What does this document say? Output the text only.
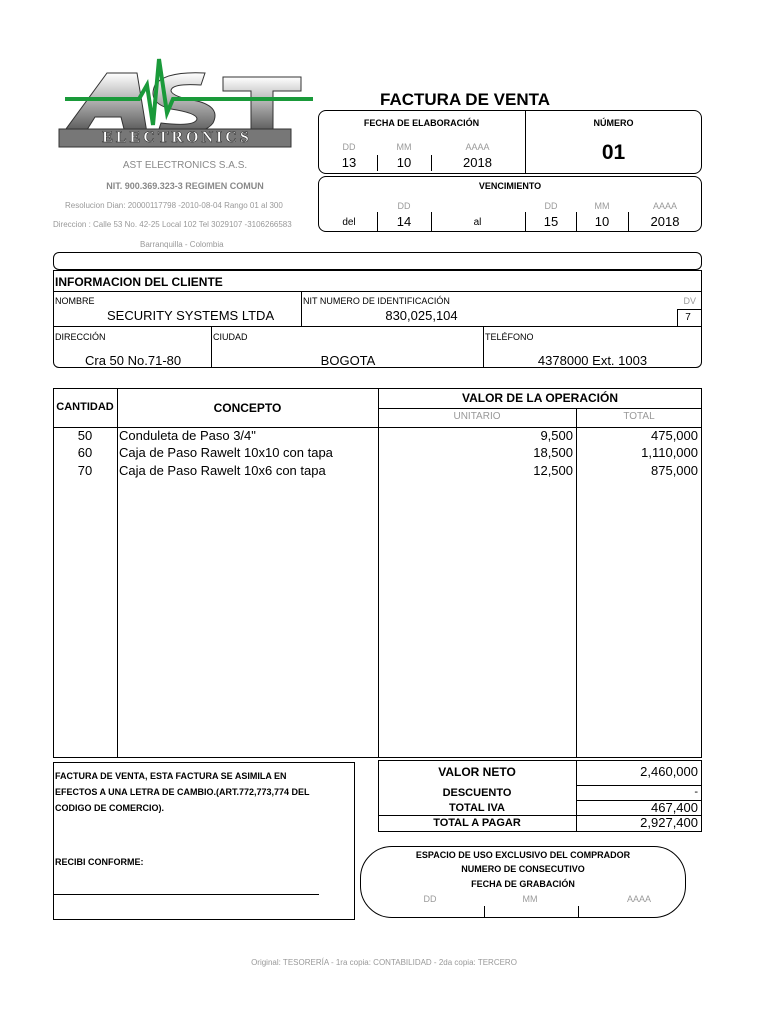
ELECTRONICS
AST ELECTRONICS S.A.S.
NIT. 900.369.323-3 REGIMEN COMUN
Resolucion Dian: 20000117798 -2010-08-04 Rango 01 al 300
Direccion : Calle 53 No. 42-25 Local 102 Tel 3029107 -3106266583
Barranquilla - Colombia
FACTURA DE VENTA
FECHA DE ELABORACIÓN	NÚMERO
DD	MM	AAAA
13	10	2018	01
VENCIMIENTO
DD	DD	MM	AAAA
del	14	al	15	10	2018
INFORMACION DEL CLIENTE
NOMBRE
SECURITY SYSTEMS LTDA
NIT NUMERO DE IDENTIFICACIÓN
830,025,104
DV
7
DIRECCIÓN
Cra 50 No.71-80
CIUDAD
BOGOTA
TELÉFONO
4378000 Ext. 1003
CANTIDAD	CONCEPTO
VALOR DE LA OPERACIÓN
UNITARIO	TOTAL
50	Conduleta de Paso 3/4"	9,500	475,000
60	Caja de Paso Rawelt 10x10 con tapa	18,500	1,110,000
70	Caja de Paso Rawelt 10x6 con tapa	12,500	875,000
FACTURA DE VENTA, ESTA FACTURA SE ASIMILA EN
EFECTOS A UNA LETRA DE CAMBIO.(ART.772,773,774 DEL
CODIGO DE COMERCIO).
RECIBI CONFORME:
VALOR NETO	2,460,000
DESCUENTO	-
TOTAL IVA	467,400
TOTAL A PAGAR	2,927,400
ESPACIO DE USO EXCLUSIVO DEL COMPRADOR
NUMERO DE CONSECUTIVO
FECHA DE GRABACIÓN
DD	MM	AAAA
Original: TESORERÍA - 1ra copia: CONTABILIDAD - 2da copia: TERCERO
